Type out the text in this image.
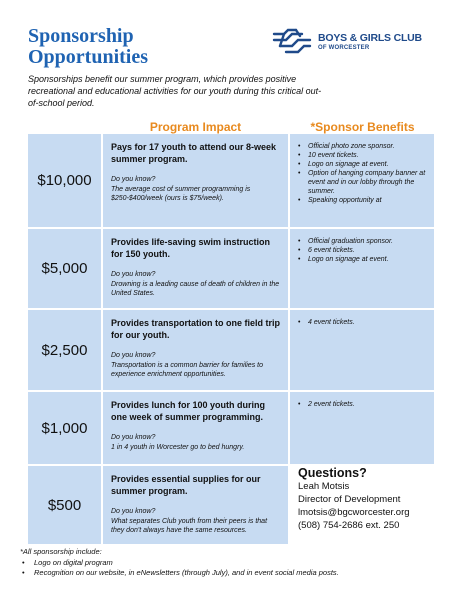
Sponsorship
Opportunities
BOYS & GIRLS CLUB
OF WORCESTER

Sponsorships benefit our summer program, which provides positive recreational and educational activities for our youth during this critical out-of-school period.

Program Impact	*Sponsor Benefits
$10,000
Pays for 17 youth to attend our 8-week summer program.
Do you know?
The average cost of summer programming is $250-$400/week (ours is $75/week).
• Official photo zone sponsor.
• 10 event tickets.
• Logo on signage at event.
• Option of hanging company banner at event and in our lobby through the summer.
• Speaking opportunity at
$5,000
Provides life-saving swim instruction for 150 youth.
Do you know?
Drowning is a leading cause of death of children in the United States.
• Official graduation sponsor.
• 6 event tickets.
• Logo on signage at event.
$2,500
Provides transportation to one field trip for our youth.
Do you know?
Transportation is a common barrier for families to experience enrichment opportunities.
• 4 event tickets.
$1,000
Provides lunch for 100 youth during one week of summer programming.
Do you know?
1 in 4 youth in Worcester go to bed hungry.
• 2 event tickets.
$500
Provides essential supplies for our summer program.
Do you know?
What separates Club youth from their peers is that they don't always have the same resources.
Questions?
Leah Motsis
Director of Development
lmotsis@bgcworcester.org
(508) 754-2686 ext. 250
*All sponsorship include:
• Logo on digital program
• Recognition on our website, in eNewsletters (through July), and in event social media posts.
